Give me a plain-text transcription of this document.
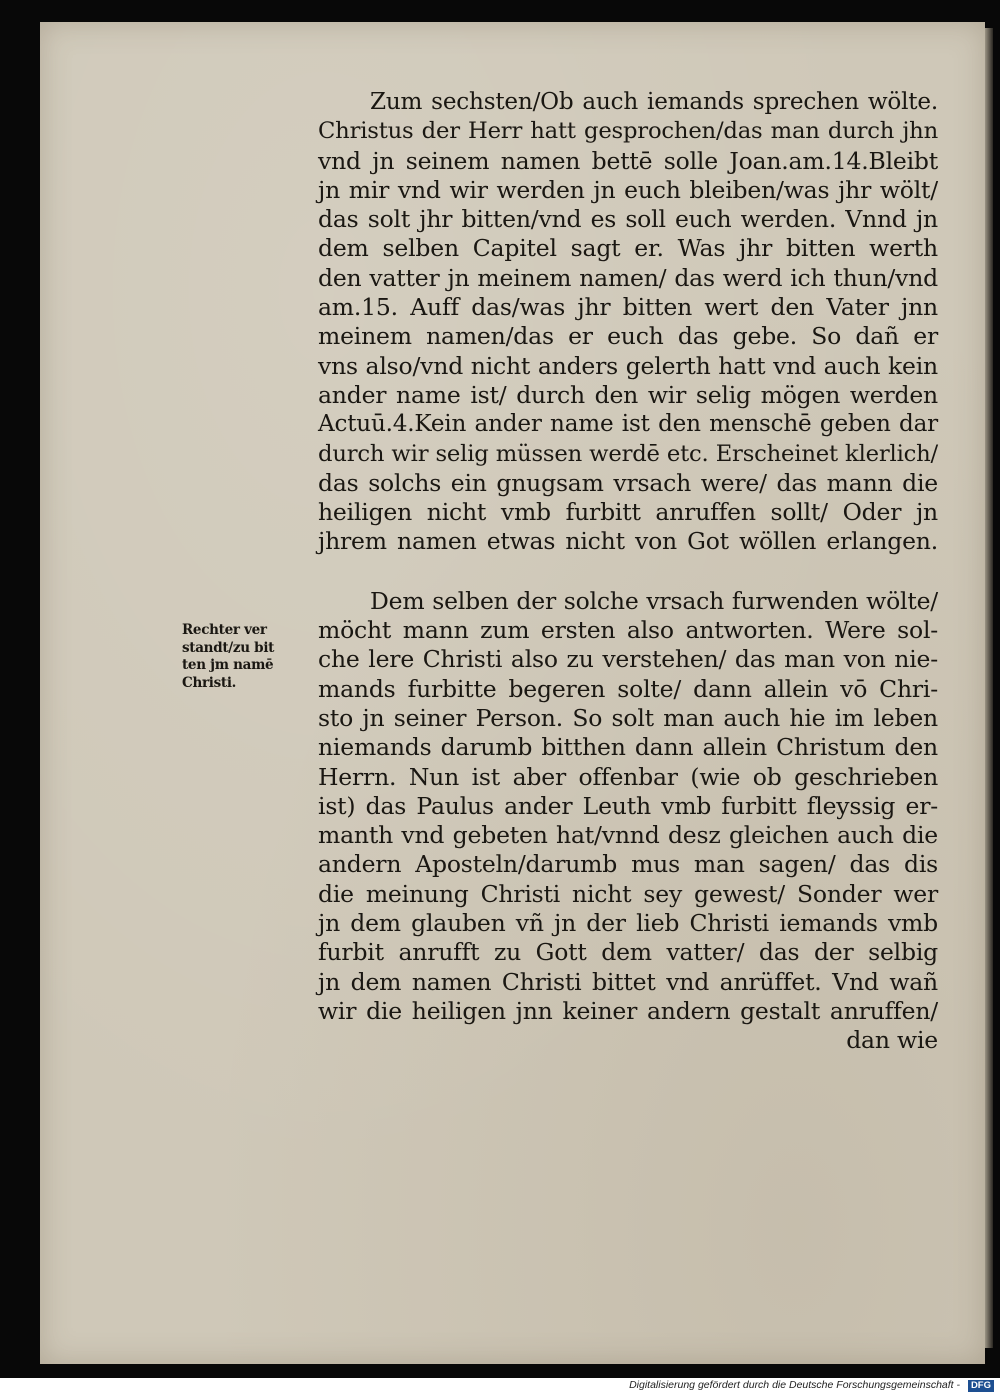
Rechter ver
standt/zu bit
ten jm namē
Christi.
Zum sechsten/Ob auch iemands sprechen wölte.
Christus der Herr hatt gesprochen/das man durch jhn
vnd jn seinem namen bettē solle Joan.am.14.Bleibt
jn mir vnd wir werden jn euch bleiben/was jhr wölt/
das solt jhr bitten/vnd es soll euch werden. Vnnd jn
dem selben Capitel sagt er. Was jhr bitten werth
den vatter jn meinem namen/ das werd ich thun/vnd
am.15. Auff das/was jhr bitten wert den Vater jnn
meinem namen/das er euch das gebe. So dañ er
vns also/vnd nicht anders gelerth hatt vnd auch kein
ander name ist/ durch den wir selig mögen werden
Actuū.4.Kein ander name ist den menschē geben dar
durch wir selig müssen werdē etc. Erscheinet klerlich/
das solchs ein gnugsam vrsach were/ das mann die
heiligen nicht vmb furbitt anruffen sollt/ Oder jn
jhrem namen etwas nicht von Got wöllen erlangen.
Dem selben der solche vrsach furwenden wölte/
möcht mann zum ersten also antworten. Were sol-
che lere Christi also zu verstehen/ das man von nie-
mands furbitte begeren solte/ dann allein vō Chri-
sto jn seiner Person. So solt man auch hie im leben
niemands darumb bitthen dann allein Christum den
Herrn. Nun ist aber offenbar (wie ob geschrieben
ist) das Paulus ander Leuth vmb furbitt fleyssig er-
manth vnd gebeten hat/vnnd desz gleichen auch die
andern Aposteln/darumb mus man sagen/ das dis
die meinung Christi nicht sey gewest/ Sonder wer
jn dem glauben vñ jn der lieb Christi iemands vmb
furbit anrufft zu Gott dem vatter/ das der selbig
jn dem namen Christi bittet vnd anrüffet. Vnd wañ
wir die heiligen jnn keiner andern gestalt anruffen/
dan wie
Digitalisierung gefördert durch die Deutsche Forschungsgemeinschaft -	DFG
